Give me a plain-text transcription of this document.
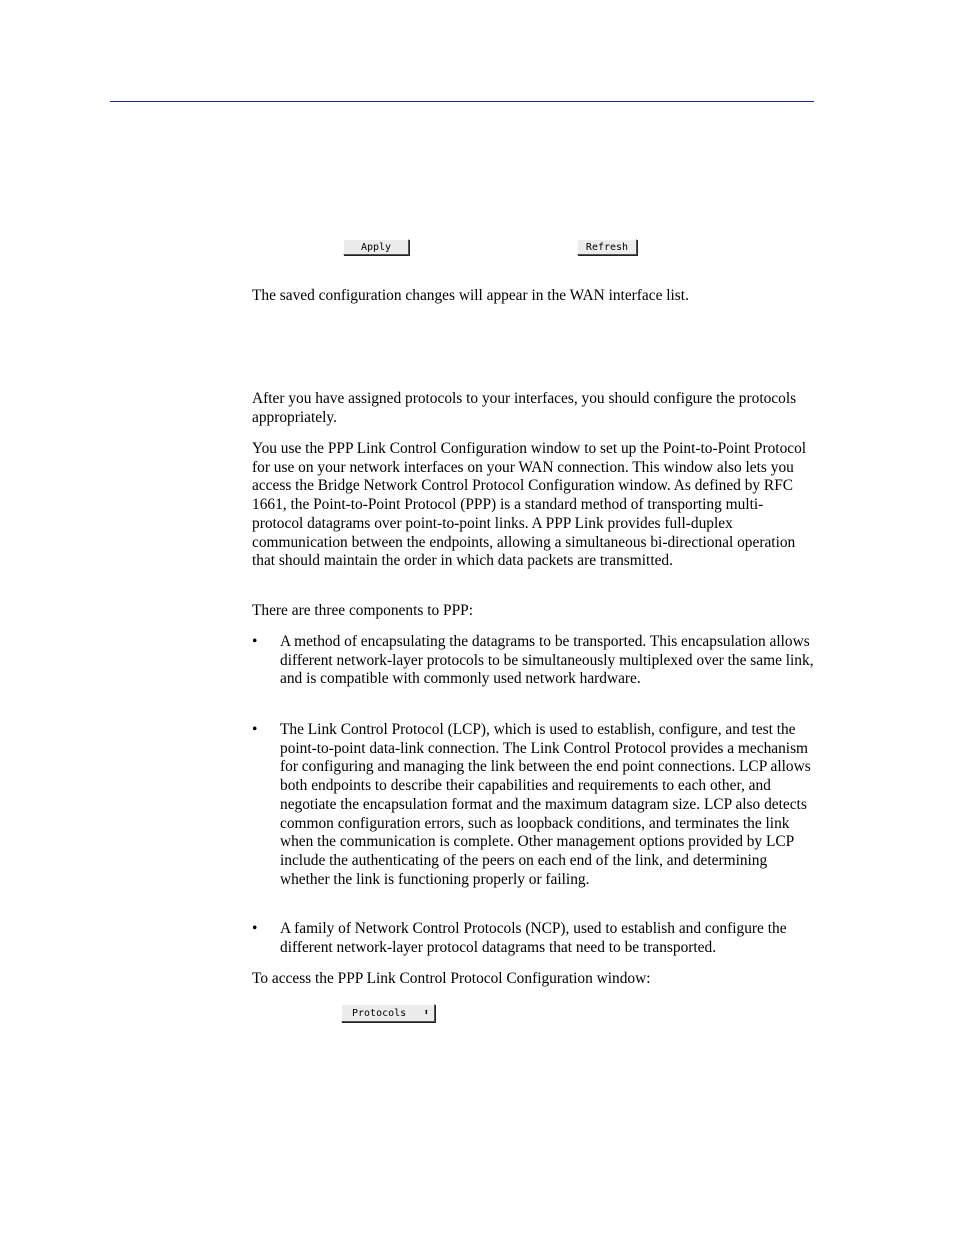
Apply	Refresh

The saved configuration changes will appear in the WAN interface list.

After you have assigned protocols to your interfaces, you should configure the protocols appropriately.

You use the PPP Link Control Configuration window to set up the Point-to-Point Protocol for use on your network interfaces on your WAN connection. This window also lets you access the Bridge Network Control Protocol Configuration window. As defined by RFC 1661, the Point-to-Point Protocol (PPP) is a standard method of transporting multi-protocol datagrams over point-to-point links. A PPP Link provides full-duplex communication between the endpoints, allowing a simultaneous bi-directional operation that should maintain the order in which data packets are transmitted.

There are three components to PPP:

• A method of encapsulating the datagrams to be transported. This encapsulation allows different network-layer protocols to be simultaneously multiplexed over the same link, and is compatible with commonly used network hardware.
• The Link Control Protocol (LCP), which is used to establish, configure, and test the point-to-point data-link connection. The Link Control Protocol provides a mechanism for configuring and managing the link between the end point connections. LCP allows both endpoints to describe their capabilities and requirements to each other, and negotiate the encapsulation format and the maximum datagram size. LCP also detects common configuration errors, such as loopback conditions, and terminates the link when the communication is complete. Other management options provided by LCP include the authenticating of the peers on each end of the link, and determining whether the link is functioning properly or failing.
• A family of Network Control Protocols (NCP), used to establish and configure the different network-layer protocol datagrams that need to be transported.

To access the PPP Link Control Protocol Configuration window:

Protocols ⬍
